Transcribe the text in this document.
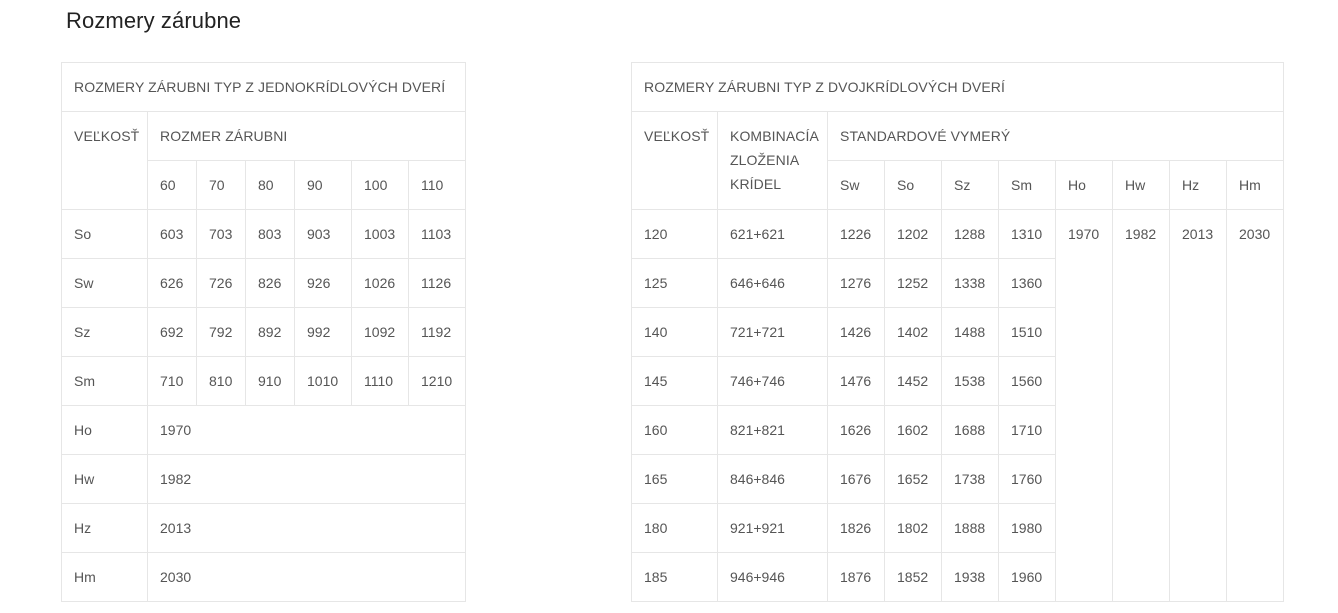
Rozmery zárubne
ROZMERY ZÁRUBNI TYP Z JEDNOKRÍDLOVÝCH DVERÍ						
VEĽKOSŤ	ROZMER ZÁRUBNI					
	60	70	80	90	100	110
So	603	703	803	903	1003	1103
Sw	626	726	826	926	1026	1126
Sz	692	792	892	992	1092	1192
Sm	710	810	910	1010	1110	1210
Ho	1970					
Hw	1982					
Hz	2013					
Hm	2030					
ROZMERY ZÁRUBNI TYP Z DVOJKRÍDLOVÝCH DVERÍ									
VEĽKOSŤ	KOMBINACÍA ZLOŽENIA KRÍDEL	STANDARDOVÉ VYMERÝ							
		Sw	So	Sz	Sm	Ho	Hw	Hz	Hm
120	621+621	1226	1202	1288	1310	1970	1982	2013	2030
125	646+646	1276	1252	1338	1360				
140	721+721	1426	1402	1488	1510				
145	746+746	1476	1452	1538	1560				
160	821+821	1626	1602	1688	1710				
165	846+846	1676	1652	1738	1760				
180	921+921	1826	1802	1888	1980				
185	946+946	1876	1852	1938	1960				
